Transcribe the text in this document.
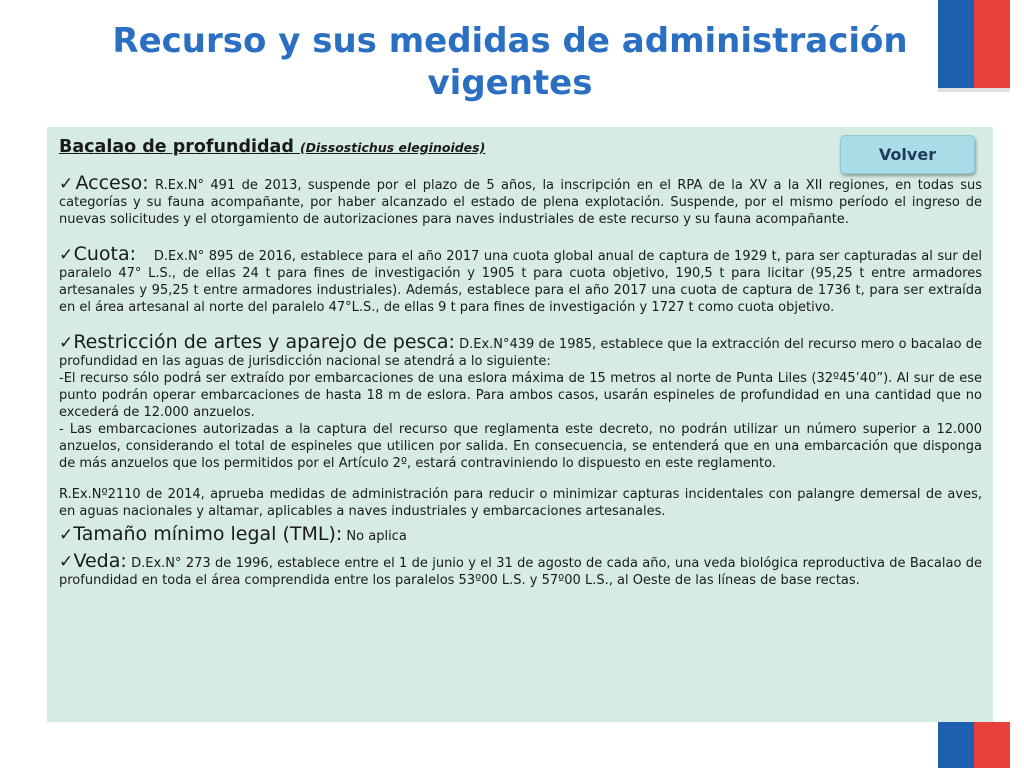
Recurso y sus medidas de administración vigentes
Bacalao de profundidad (Dissostichus eleginoides)	Volver

✓Acceso: R.Ex.N° 491 de 2013, suspende por el plazo de 5 años, la inscripción en el RPA de la XV a la XII regiones, en todas sus categorías y su fauna acompañante, por haber alcanzado el estado de plena explotación. Suspende, por el mismo período el ingreso de nuevas solicitudes y el otorgamiento de autorizaciones para naves industriales de este recurso y su fauna acompañante.

✓Cuota:    D.Ex.N° 895 de 2016, establece para el año 2017 una cuota global anual de captura de 1929 t, para ser capturadas al sur del  paralelo 47° L.S., de ellas 24 t para fines de investigación y 1905 t para cuota objetivo, 190,5 t para licitar (95,25 t entre armadores artesanales y 95,25 t entre armadores industriales). Además, establece para el año 2017 una cuota de captura de 1736 t, para ser extraída en el área artesanal al norte del paralelo 47°L.S., de ellas 9 t para fines de investigación y 1727 t como cuota objetivo.

✓Restricción de artes y aparejo de pesca: D.Ex.N°439 de 1985, establece que la extracción del recurso mero o bacalao de profundidad en las aguas de jurisdicción nacional se atendrá a lo siguiente:

-El recurso sólo podrá ser extraído por embarcaciones de una eslora máxima de 15 metros al norte de Punta Liles (32º45’40”). Al sur de ese punto podrán operar embarcaciones de hasta 18 m de eslora. Para ambos casos, usarán espineles de profundidad en una cantidad que no excederá de 12.000 anzuelos.

- Las embarcaciones autorizadas a la captura del recurso que reglamenta este decreto, no podrán utilizar un número superior a 12.000 anzuelos, considerando el total de espineles que utilicen por salida. En consecuencia, se entenderá que en una embarcación que disponga de más anzuelos que los permitidos por el Artículo 2º, estará contraviniendo lo dispuesto en este reglamento.

R.Ex.Nº2110 de 2014, aprueba medidas de administración para reducir o minimizar capturas incidentales con palangre demersal de aves, en aguas nacionales y altamar, aplicables a naves industriales y embarcaciones artesanales.

✓Tamaño mínimo legal (TML): No aplica

✓Veda: D.Ex.N° 273 de 1996, establece entre el 1 de junio y el 31 de agosto de cada año, una veda biológica reproductiva de Bacalao de profundidad en toda el área comprendida entre los paralelos 53º00 L.S. y 57º00 L.S., al Oeste de las líneas de base rectas.
